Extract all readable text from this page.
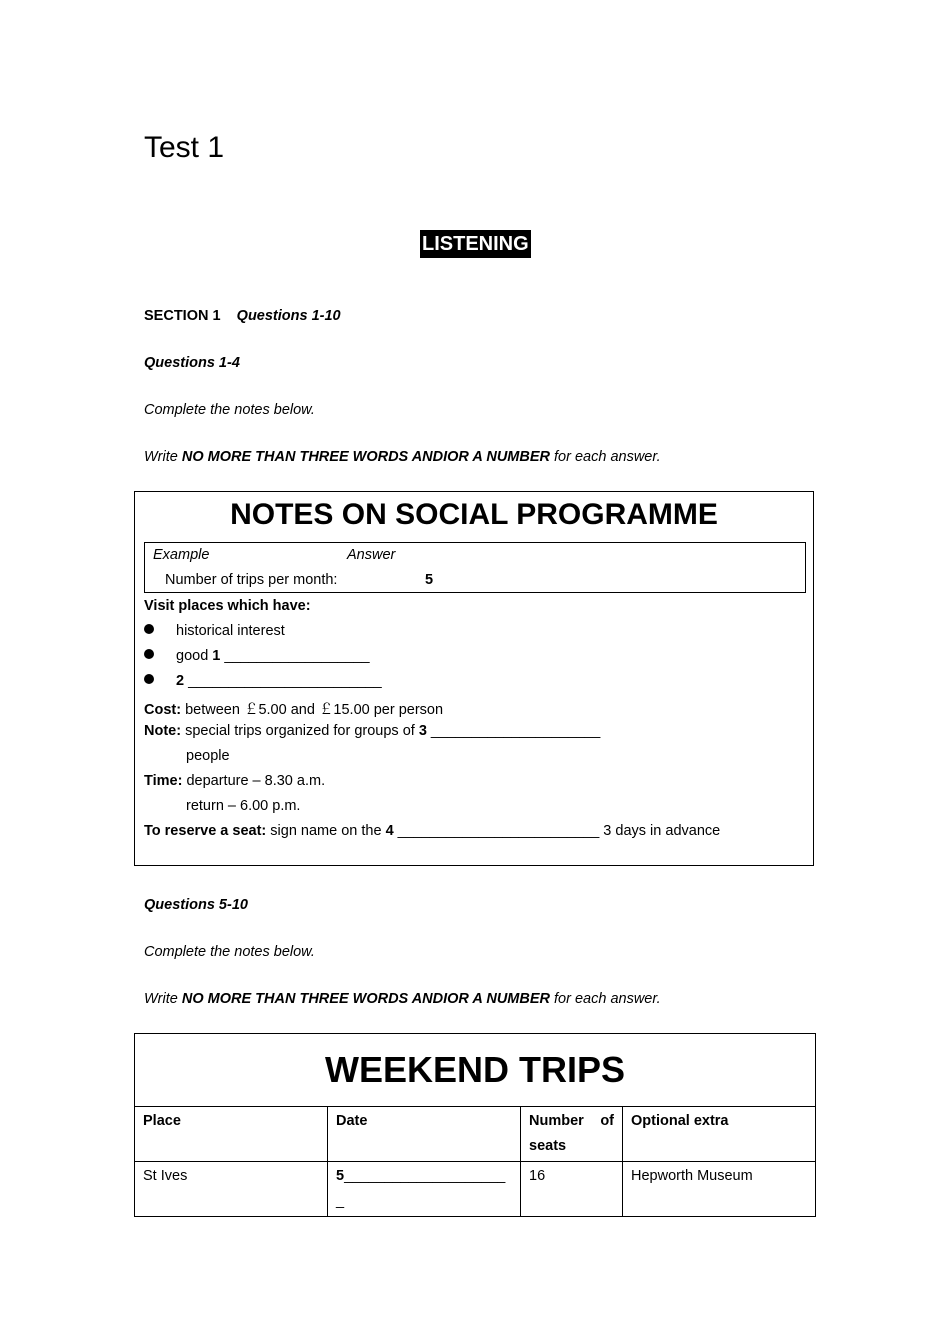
Test 1
LISTENING
SECTION 1 Questions 1-10
Questions 1-4
Complete the notes below.
Write NO MORE THAN THREE WORDS ANDIOR A NUMBER for each answer.
NOTES ON SOCIAL PROGRAMME
Example	Answer
Number of trips per month:	5
Visit places which have:
historical interest
good 1 __________________
2 ________________________
Cost: between ￡5.00 and ￡15.00 per person
Note: special trips organized for groups of 3 _____________________
people
Time: departure – 8.30 a.m.
return – 6.00 p.m.
To reserve a seat: sign name on the 4 _________________________ 3 days in advance
Questions 5-10
Complete the notes below.
Write NO MORE THAN THREE WORDS ANDIOR A NUMBER for each answer.
WEEKEND TRIPS			
Place	Date	Number of seats	Optional extra
St Ives	5____________________ _	16	Hepworth Museum
